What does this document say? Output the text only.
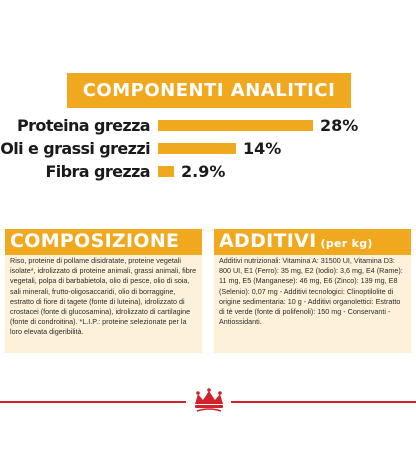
COMPONENTI ANALITICI
Proteina grezza	28%
Oli e grassi grezzi	14%
Fibra grezza 2.9%
COMPOSIZIONE
Riso, proteine di pollame disidratate, proteine vegetali isolate*, idrolizzato di proteine animali, grassi animali, fibre vegetali, polpa di barbabietola, olio di pesce, olio di soia, sali minerali, frutto-oligosaccaridi, olio di borraggine, estratto di fiore di tagete (fonte di luteina), idrolizzato di crostacei (fonte di glucosamina), idrolizzato di cartilagine (fonte di condroitina). *L.I.P.: proteine selezionate per la loro elevata digeribilità.
ADDITIVI (per kg)
Additivi nutrizionali: Vitamina A: 31500 UI, Vitamina D3: 800 UI, E1 (Ferro): 35 mg, E2 (Iodio): 3,6 mg, E4 (Rame): 11 mg, E5 (Manganese): 46 mg, E6 (Zinco): 139 mg, E8 (Selenio): 0,07 mg - Additivi tecnologici: Clinoptilolite di origine sedimentaria: 10 g - Additivi organolettici: Estratto di tè verde (fonte di polifenoli): 150 mg - Conservanti - Antiossidanti.
